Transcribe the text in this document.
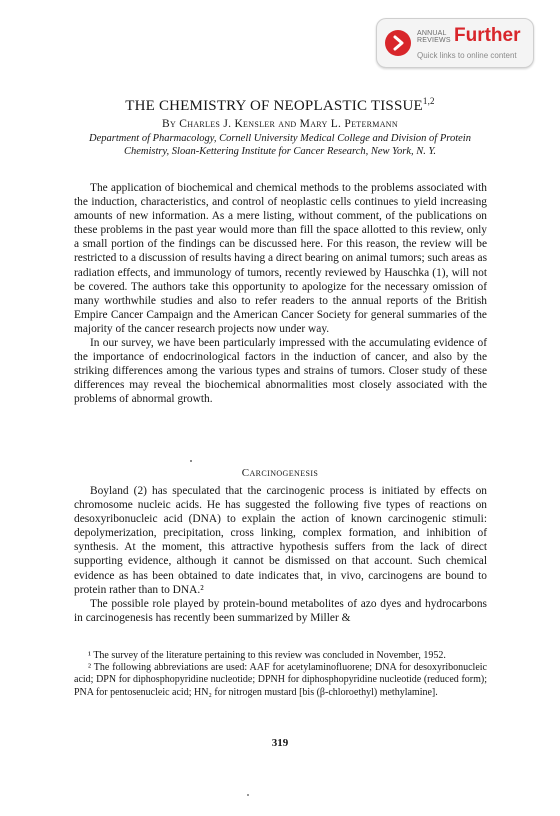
ANNUAL
REVIEWS Further
Quick links to online content
THE CHEMISTRY OF NEOPLASTIC TISSUE$^{1,2}$
By Charles J. Kensler and Mary L. Petermann
Department of Pharmacology, Cornell University Medical College and Division of Protein Chemistry, Sloan-Kettering Institute for Cancer Research, New York, N. Y.

The application of biochemical and chemical methods to the problems associated with the induction, characteristics, and control of neoplastic cells continues to yield increasing amounts of new information. As a mere listing, without comment, of the publications on these problems in the past year would more than fill the space allotted to this review, only a small portion of the findings can be discussed here. For this reason, the review will be restricted to a discussion of results having a direct bearing on animal tumors; such areas as radiation effects, and immunology of tumors, recently reviewed by Hauschka (1), will not be covered. The authors take this opportunity to apologize for the necessary omission of many worthwhile studies and also to refer readers to the annual reports of the British Empire Cancer Campaign and the American Cancer Society for general summaries of the majority of the cancer research projects now under way.

In our survey, we have been particularly impressed with the accumulating evidence of the importance of endocrinological factors in the induction of cancer, and also by the striking differences among the various types and strains of tumors. Closer study of these differences may reveal the biochemical abnormalities most closely associated with the problems of abnormal growth.

Carcinogenesis

Boyland (2) has speculated that the carcinogenic process is initiated by effects on chromosome nucleic acids. He has suggested the following five types of reactions on desoxyribonucleic acid (DNA) to explain the action of known carcinogenic stimuli: depolymerization, precipitation, cross linking, complex formation, and inhibition of synthesis. At the moment, this attractive hypothesis suffers from the lack of direct supporting evidence, although it cannot be dismissed on that account. Such chemical evidence as has been obtained to date indicates that, in vivo, carcinogens are bound to protein rather than to DNA.²

The possible role played by protein-bound metabolites of azo dyes and hydrocarbons in carcinogenesis has recently been summarized by Miller &

¹ The survey of the literature pertaining to this review was concluded in November, 1952.

² The following abbreviations are used: AAF for acetylaminofluorene; DNA for desoxyribonucleic acid; DPN for diphosphopyridine nucleotide; DPNH for diphosphopyridine nucleotide (reduced form); PNA for pentosenucleic acid; HN₂ for nitrogen mustard [bis (β-chloroethyl) methylamine].

319
